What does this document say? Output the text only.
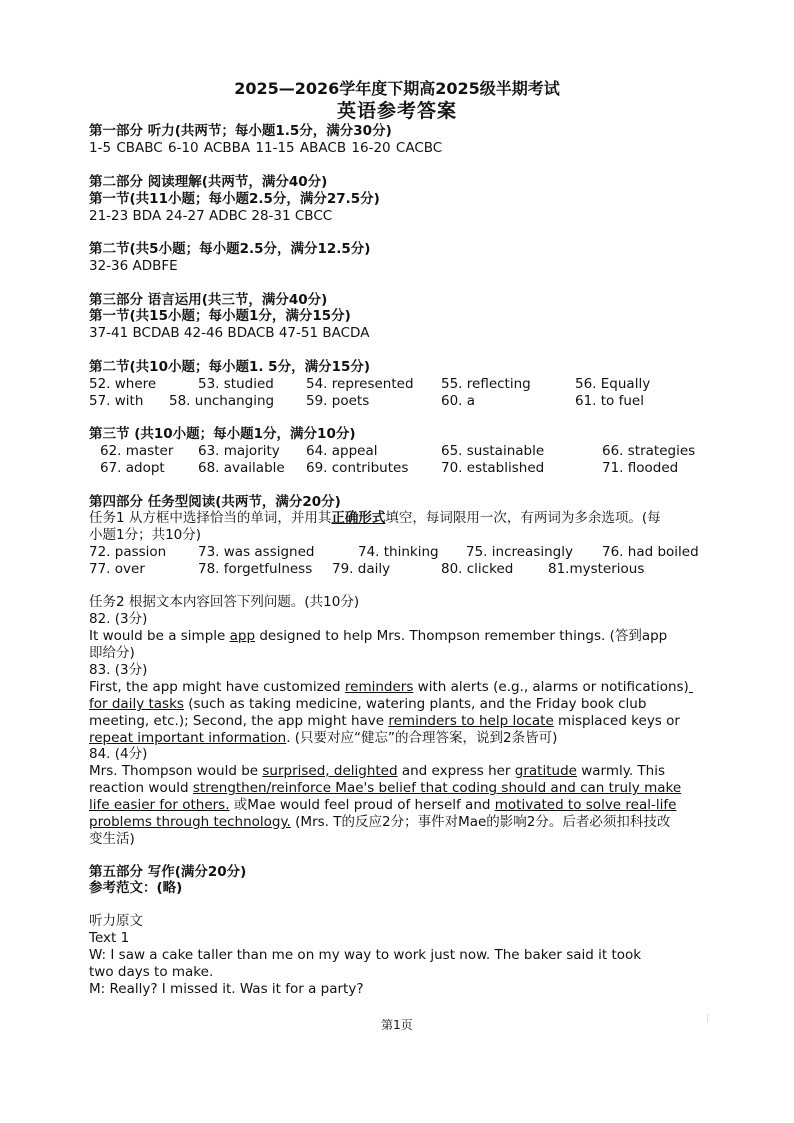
2025—2026学年度下期高2025级半期考试
英语参考答案
第一部分 听力(共两节；每小题1.5分，满分30分)
1-5 CBABC 6-10 ACBBA 11-15 ABACB 16-20 CACBC
第二部分 阅读理解(共两节，满分40分)
第一节(共11小题；每小题2.5分，满分27.5分)
21-23 BDA 24-27 ADBC 28-31 CBCC
第二节(共5小题；每小题2.5分，满分12.5分)
32-36 ADBFE
第三部分 语言运用(共三节，满分40分)
第一节(共15小题；每小题1分，满分15分)
37-41 BCDAB 42-46 BDACB 47-51 BACDA
第二节(共10小题；每小题1. 5分，满分15分)
52. where	53. studied 54. represented 55. reflecting	56. Equally
57. with 58. unchanging 59. poets	60. a	61. to fuel
第三节 (共10小题；每小题1分，满分10分)
62. master 63. majority 64. appeal	65. sustainable	66. strategies
67. adopt 68. available 69. contributes 70. established	71. flooded
第四部分 任务型阅读(共两节，满分20分)
任务1 从方框中选择恰当的单词，并用其正确形式填空，每词限用一次，有两词为多余选项。(每
小题1分；共10分)
72. passion 73. was assigned	74. thinking 75. increasingly 76. had boiled
77. over	78. forgetfulness 79. daily	80. clicked	81.mysterious
任务2 根据文本内容回答下列问题。(共10分)
82. (3分)
It would be a simple app designed to help Mrs. Thompson remember things. (答到app
即给分)
83. (3分)
First, the app might have customized reminders with alerts (e.g., alarms or notifications)
for daily tasks (such as taking medicine, watering plants, and the Friday book club
meeting, etc.); Second, the app might have reminders to help locate misplaced keys or
repeat important information. (只要对应“健忘”的合理答案，说到2条皆可)
84. (4分)
Mrs. Thompson would be surprised, delighted and express her gratitude warmly. This
reaction would strengthen/reinforce Mae's belief that coding should and can truly make
life easier for others. 或Mae would feel proud of herself and motivated to solve real-life
problems through technology. (Mrs. T的反应2分；事件对Mae的影响2分。后者必须扣科技改
变生活)
第五部分 写作(满分20分)
参考范文：(略)
听力原文
Text 1
W: I saw a cake taller than me on my way to work just now. The baker said it took
two days to make.
M: Really? I missed it. Was it for a party?
第1页
